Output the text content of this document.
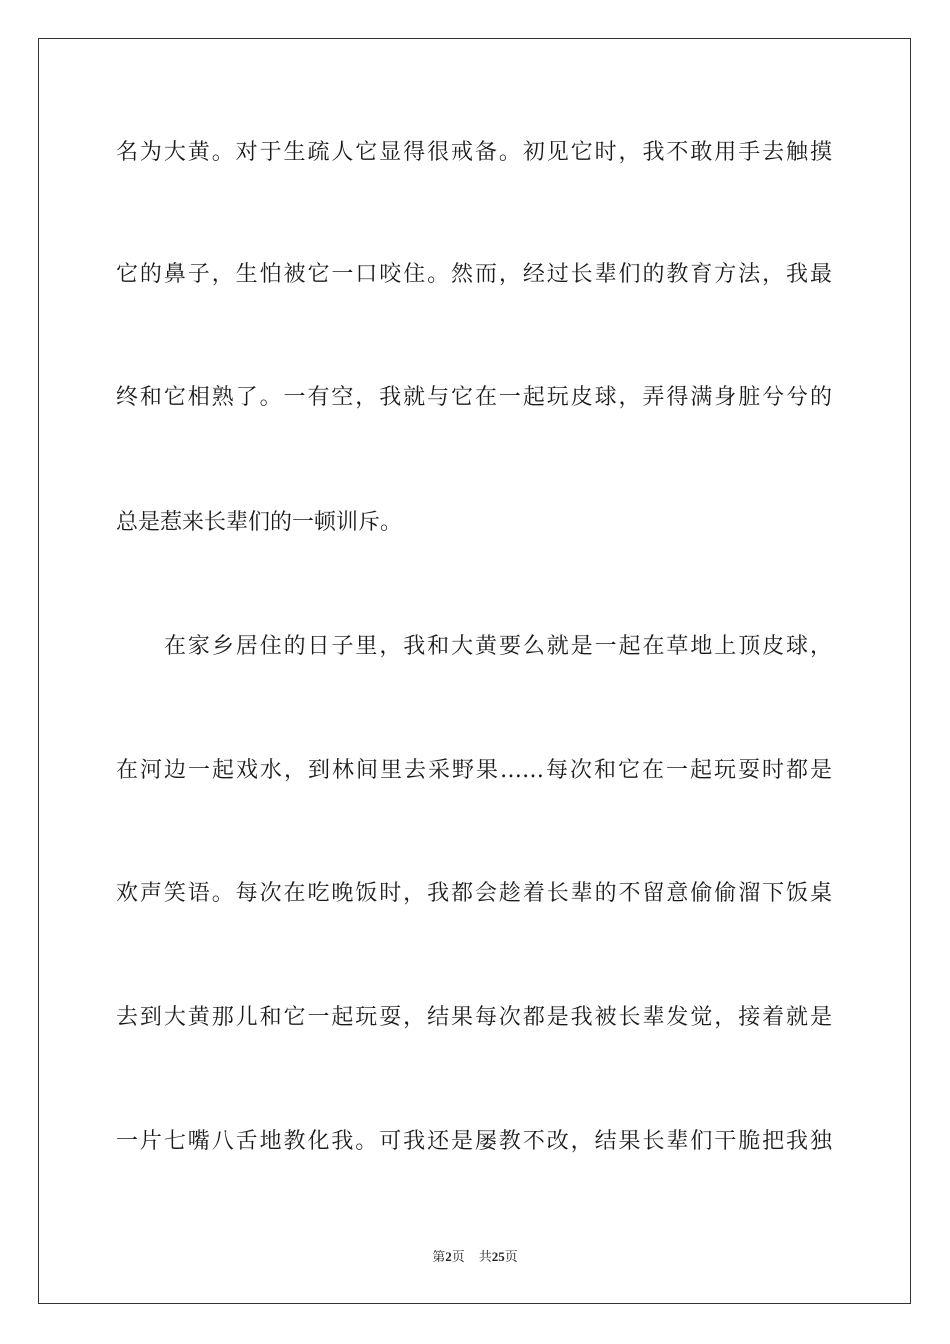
名为大黄。对于生疏人它显得很戒备。初见它时，我不敢用手去触摸
它的鼻子，生怕被它一口咬住。然而，经过长辈们的教育方法，我最
终和它相熟了。一有空，我就与它在一起玩皮球，弄得满身脏兮兮的
总是惹来长辈们的一顿训斥。
在家乡居住的日子里，我和大黄要么就是一起在草地上顶皮球，
在河边一起戏水，到林间里去采野果……每次和它在一起玩耍时都是
欢声笑语。每次在吃晚饭时，我都会趁着长辈的不留意偷偷溜下饭桌
去到大黄那儿和它一起玩耍，结果每次都是我被长辈发觉，接着就是
一片七嘴八舌地教化我。可我还是屡教不改，结果长辈们干脆把我独
第2页 共25页
